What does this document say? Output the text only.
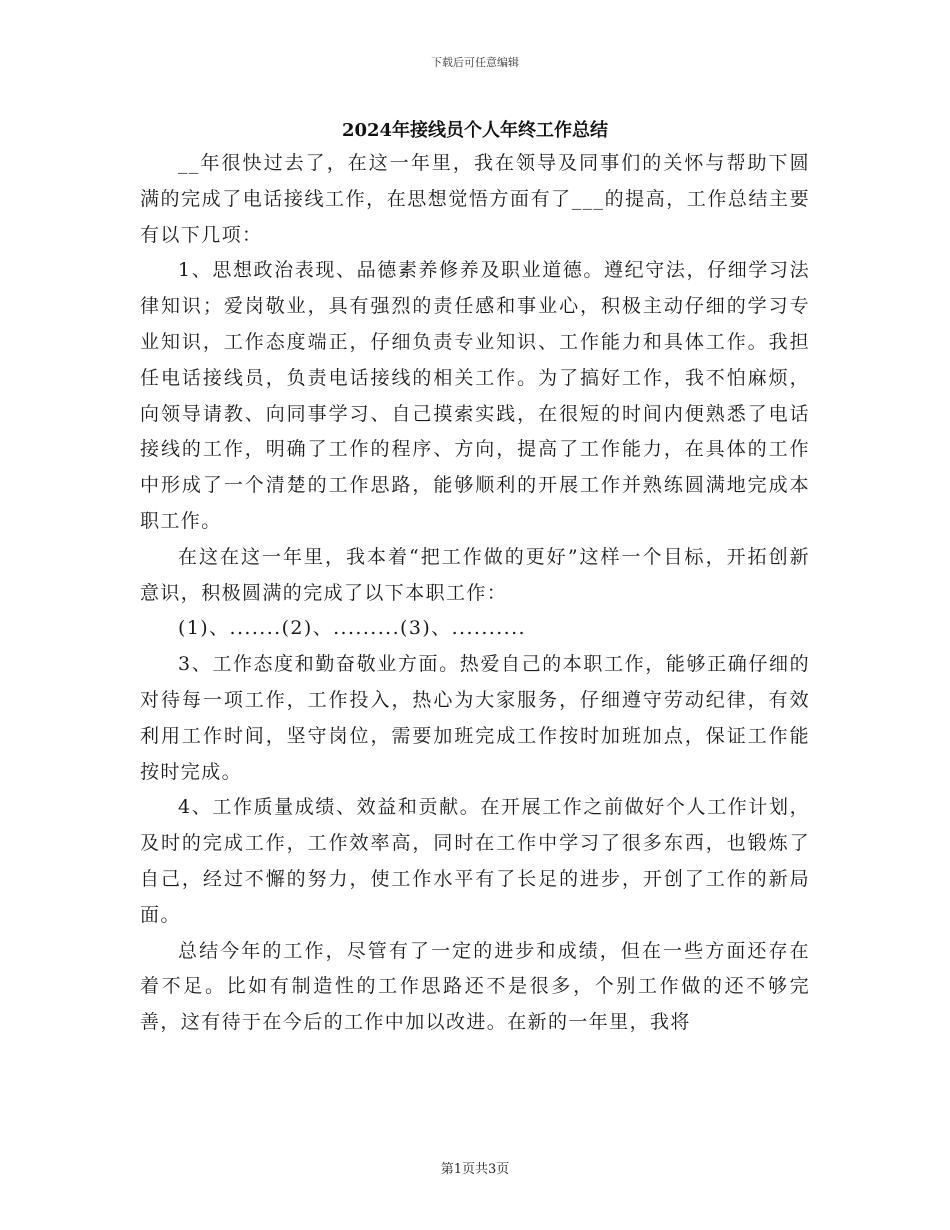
下载后可任意编辑
2024年接线员个人年终工作总结

__年很快过去了，在这一年里，我在领导及同事们的关怀与帮助下圆满的完成了电话接线工作，在思想觉悟方面有了___的提高，工作总结主要有以下几项：

1、思想政治表现、品德素养修养及职业道德。遵纪守法，仔细学习法律知识；爱岗敬业，具有强烈的责任感和事业心，积极主动仔细的学习专业知识，工作态度端正，仔细负责专业知识、工作能力和具体工作。我担任电话接线员，负责电话接线的相关工作。为了搞好工作，我不怕麻烦，向领导请教、向同事学习、自己摸索实践，在很短的时间内便熟悉了电话接线的工作，明确了工作的程序、方向，提高了工作能力，在具体的工作中形成了一个清楚的工作思路，能够顺利的开展工作并熟练圆满地完成本职工作。

在这在这一年里，我本着“把工作做的更好”这样一个目标，开拓创新意识，积极圆满的完成了以下本职工作：

(1)、.......(2)、.........(3)、..........

3、工作态度和勤奋敬业方面。热爱自己的本职工作，能够正确仔细的对待每一项工作，工作投入，热心为大家服务，仔细遵守劳动纪律，有效利用工作时间，坚守岗位，需要加班完成工作按时加班加点，保证工作能按时完成。

4、工作质量成绩、效益和贡献。在开展工作之前做好个人工作计划，及时的完成工作，工作效率高，同时在工作中学习了很多东西，也锻炼了自己，经过不懈的努力，使工作水平有了长足的进步，开创了工作的新局面。

总结今年的工作，尽管有了一定的进步和成绩，但在一些方面还存在着不足。比如有制造性的工作思路还不是很多，个别工作做的还不够完善，这有待于在今后的工作中加以改进。在新的一年里，我将

第1页共3页
